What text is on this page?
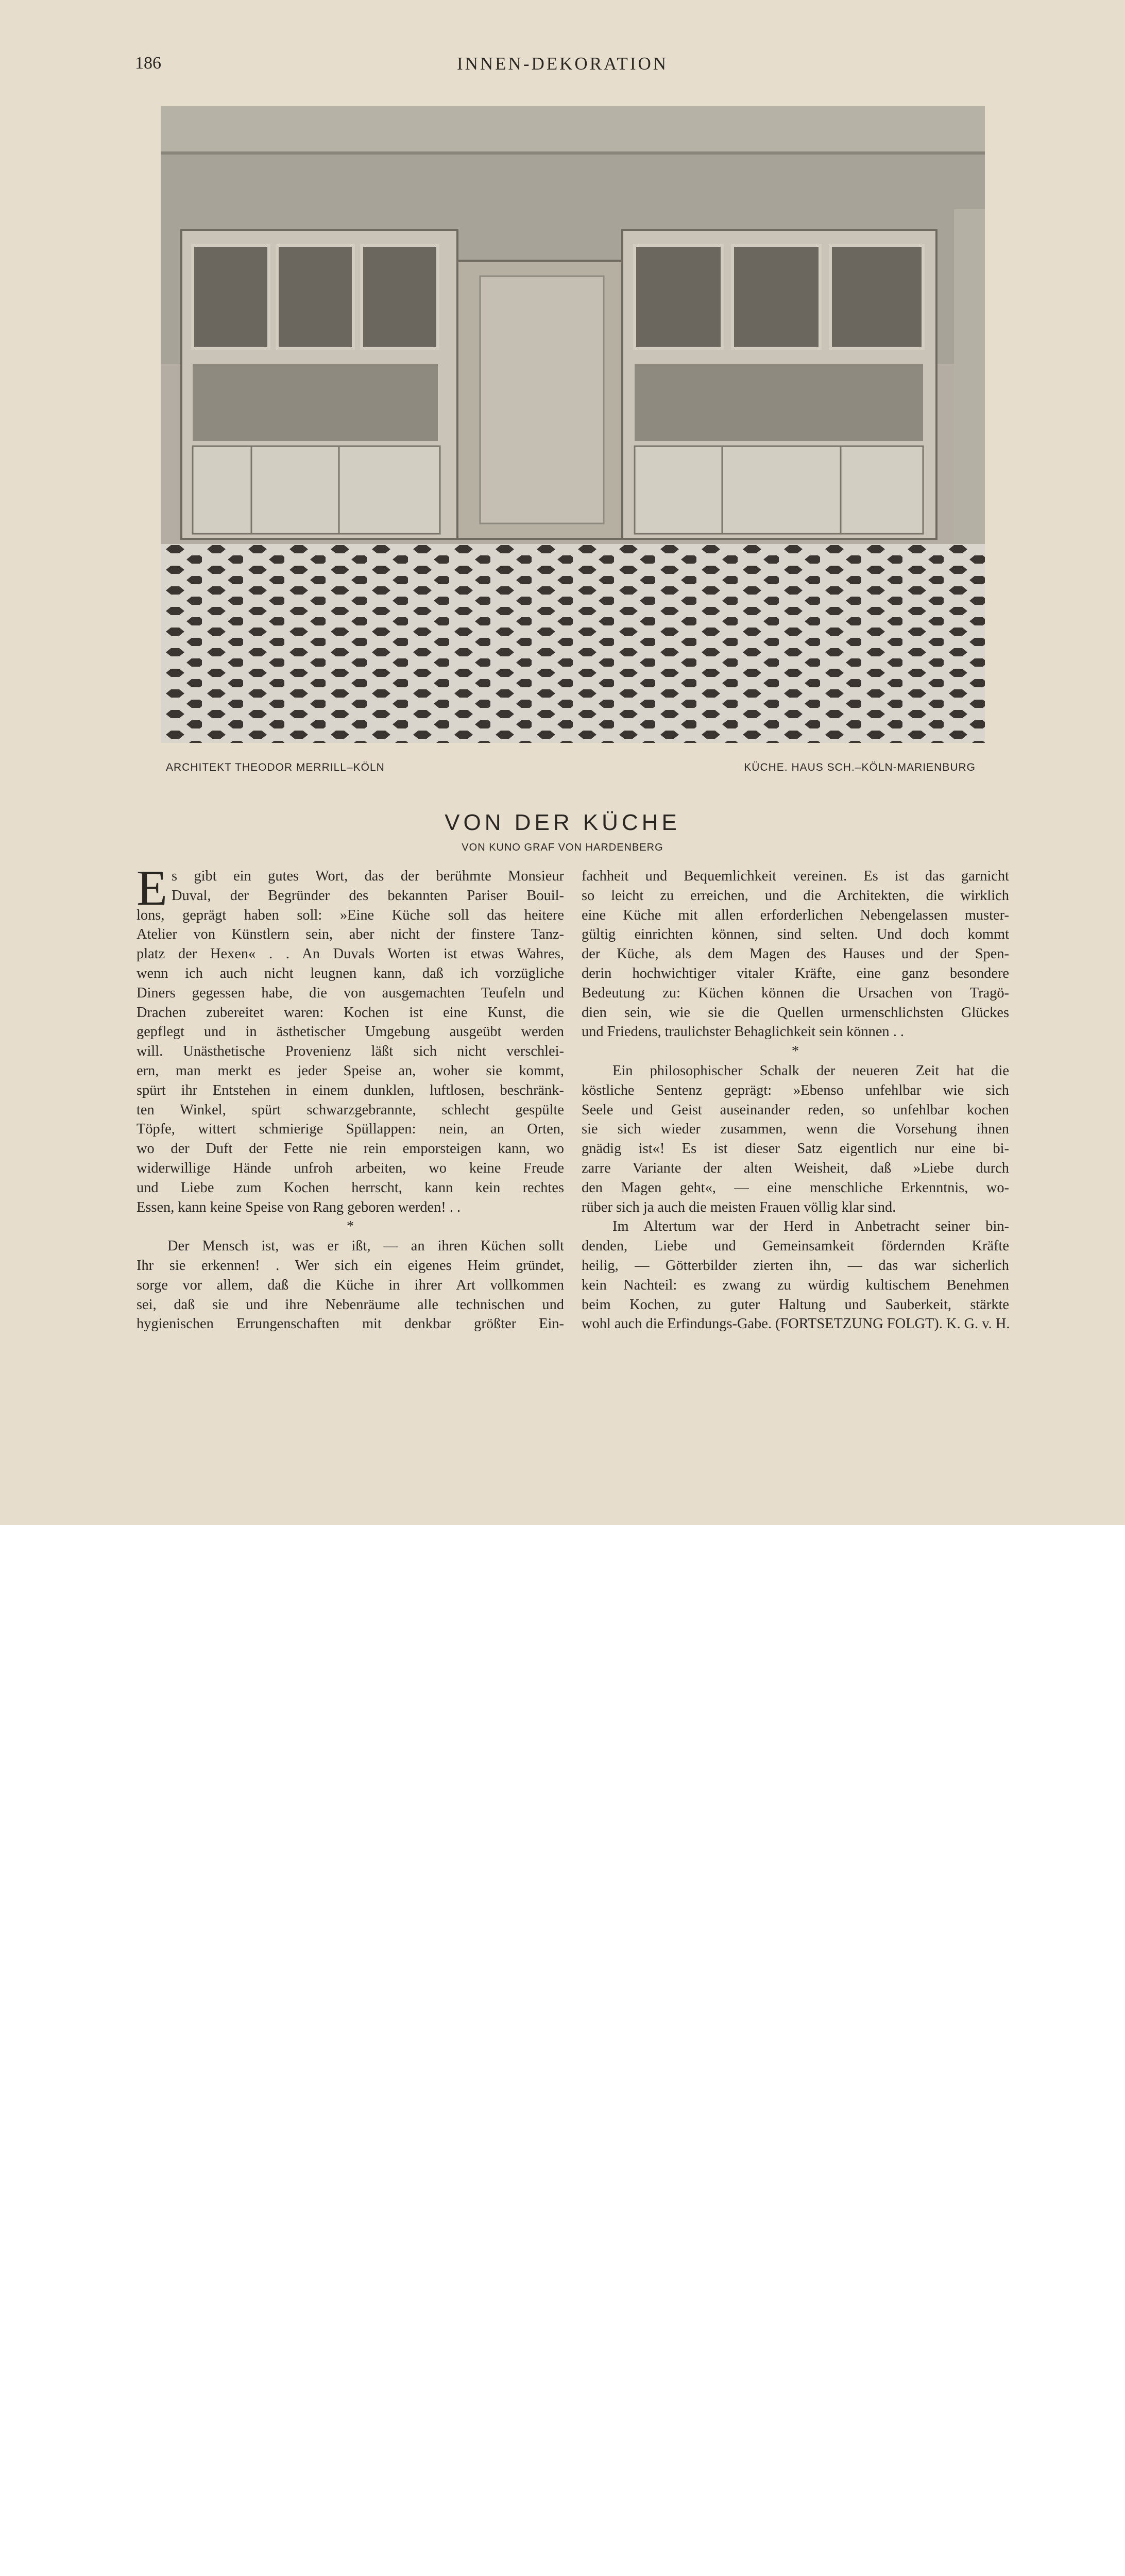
186	INNEN-DEKORATION
ARCHITEKT THEODOR MERRILL–KÖLN	KÜCHE. HAUS SCH.–KÖLN-MARIENBURG
VON DER KÜCHE
VON KUNO GRAF VON HARDENBERG
E s gibt ein gutes Wort, das der berühmte Monsieur
Duval, der Begründer des bekannten Pariser Bouil-
lons, geprägt haben soll: »Eine Küche soll das heitere
Atelier von Künstlern sein, aber nicht der finstere Tanz-
platz der Hexen« . . An Duvals Worten ist etwas Wahres,
wenn ich auch nicht leugnen kann, daß ich vorzügliche
Diners gegessen habe, die von ausgemachten Teufeln und
Drachen zubereitet waren: Kochen ist eine Kunst, die
gepflegt und in ästhetischer Umgebung ausgeübt werden
will. Unästhetische Provenienz läßt sich nicht verschlei-
ern, man merkt es jeder Speise an, woher sie kommt,
spürt ihr Entstehen in einem dunklen, luftlosen, beschränk-
ten Winkel, spürt schwarzgebrannte, schlecht gespülte
Töpfe, wittert schmierige Spüllappen: nein, an Orten,
wo der Duft der Fette nie rein emporsteigen kann, wo
widerwillige Hände unfroh arbeiten, wo keine Freude
und Liebe zum Kochen herrscht, kann kein rechtes
Essen, kann keine Speise von Rang geboren werden! . .
*
Der Mensch ist, was er ißt, — an ihren Küchen sollt
Ihr sie erkennen! . Wer sich ein eigenes Heim gründet,
sorge vor allem, daß die Küche in ihrer Art vollkommen
sei, daß sie und ihre Nebenräume alle technischen und
hygienischen Errungenschaften mit denkbar größter Ein-
fachheit und Bequemlichkeit vereinen. Es ist das garnicht
so leicht zu erreichen, und die Architekten, die wirklich
eine Küche mit allen erforderlichen Nebengelassen muster-
gültig einrichten können, sind selten. Und doch kommt
der Küche, als dem Magen des Hauses und der Spen-
derin hochwichtiger vitaler Kräfte, eine ganz besondere
Bedeutung zu: Küchen können die Ursachen von Tragö-
dien sein, wie sie die Quellen urmenschlichsten Glückes
und Friedens, traulichster Behaglichkeit sein können . .
*
Ein philosophischer Schalk der neueren Zeit hat die
köstliche Sentenz geprägt: »Ebenso unfehlbar wie sich
Seele und Geist auseinander reden, so unfehlbar kochen
sie sich wieder zusammen, wenn die Vorsehung ihnen
gnädig ist«! Es ist dieser Satz eigentlich nur eine bi-
zarre Variante der alten Weisheit, daß »Liebe durch
den Magen geht«, — eine menschliche Erkenntnis, wo-
rüber sich ja auch die meisten Frauen völlig klar sind.
Im Altertum war der Herd in Anbetracht seiner bin-
denden, Liebe und Gemeinsamkeit fördernden Kräfte
heilig, — Götterbilder zierten ihn, — das war sicherlich
kein Nachteil: es zwang zu würdig kultischem Benehmen
beim Kochen, zu guter Haltung und Sauberkeit, stärkte
wohl auch die Erfindungs-Gabe. (FORTSETZUNG FOLGT). K. G. v. H.
